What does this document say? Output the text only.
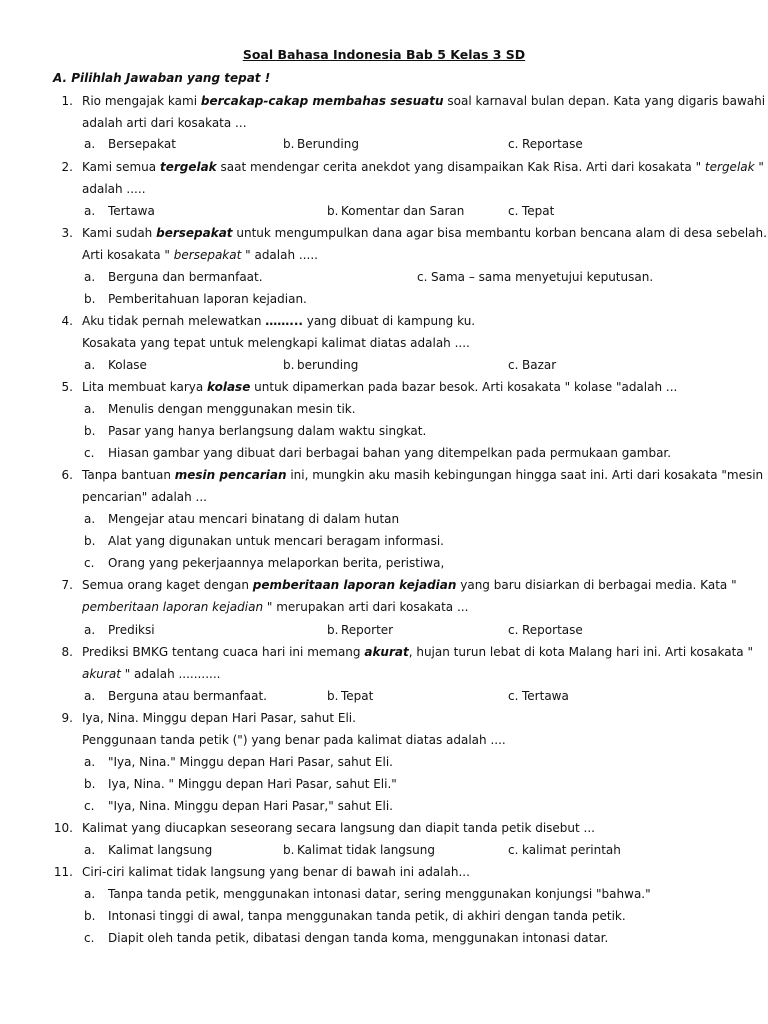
Soal Bahasa Indonesia Bab 5 Kelas 3 SD
A. Pilihlah Jawaban yang tepat !
1. Rio mengajak kami bercakap-cakap membahas sesuatu soal karnaval bulan depan. Kata yang digaris bawahi
adalah arti dari kosakata ...
a. Bersepakat	b. Berunding	c. Reportase
2. Kami semua tergelak saat mendengar cerita anekdot yang disampaikan Kak Risa. Arti dari kosakata " tergelak "
adalah .....
a. Tertawa	b. Komentar dan Saran	c. Tepat
3. Kami sudah bersepakat untuk mengumpulkan dana agar bisa membantu korban bencana alam di desa sebelah.
Arti kosakata " bersepakat " adalah .....
a. Berguna dan bermanfaat.	c. Sama – sama menyetujui keputusan.
b. Pemberitahuan laporan kejadian.
4. Aku tidak pernah melewatkan ……... yang dibuat di kampung ku.
Kosakata yang tepat untuk melengkapi kalimat diatas adalah ....
a. Kolase	b. berunding	c. Bazar
5. Lita membuat karya kolase untuk dipamerkan pada bazar besok. Arti kosakata " kolase "adalah ...
a. Menulis dengan menggunakan mesin tik.
b. Pasar yang hanya berlangsung dalam waktu singkat.
c. Hiasan gambar yang dibuat dari berbagai bahan yang ditempelkan pada permukaan gambar.
6. Tanpa bantuan mesin pencarian ini, mungkin aku masih kebingungan hingga saat ini. Arti dari kosakata "mesin
pencarian" adalah ...
a. Mengejar atau mencari binatang di dalam hutan
b. Alat yang digunakan untuk mencari beragam informasi.
c. Orang yang pekerjaannya melaporkan berita, peristiwa,
7. Semua orang kaget dengan pemberitaan laporan kejadian yang baru disiarkan di berbagai media. Kata "
pemberitaan laporan kejadian " merupakan arti dari kosakata ...
a. Prediksi	b. Reporter	c. Reportase
8. Prediksi BMKG tentang cuaca hari ini memang akurat, hujan turun lebat di kota Malang hari ini. Arti kosakata "
akurat " adalah ...........
a. Berguna atau bermanfaat.	b. Tepat	c. Tertawa
9. Iya, Nina. Minggu depan Hari Pasar, sahut Eli.
Penggunaan tanda petik (") yang benar pada kalimat diatas adalah ....
a. "Iya, Nina." Minggu depan Hari Pasar, sahut Eli.
b. Iya, Nina. " Minggu depan Hari Pasar, sahut Eli."
c. "Iya, Nina. Minggu depan Hari Pasar," sahut Eli.
10. Kalimat yang diucapkan seseorang secara langsung dan diapit tanda petik disebut ...
a. Kalimat langsung	b. Kalimat tidak langsung	c. kalimat perintah
11. Ciri-ciri kalimat tidak langsung yang benar di bawah ini adalah...
a. Tanpa tanda petik, menggunakan intonasi datar, sering menggunakan konjungsi "bahwa."
b. Intonasi tinggi di awal, tanpa menggunakan tanda petik, di akhiri dengan tanda petik.
c. Diapit oleh tanda petik, dibatasi dengan tanda koma, menggunakan intonasi datar.
